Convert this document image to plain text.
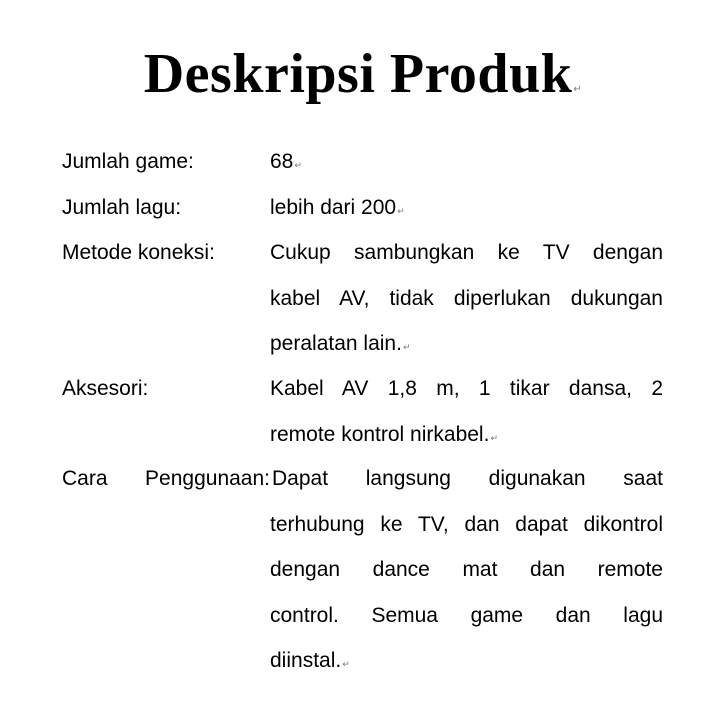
Deskripsi Produk↵
Jumlah game:	68↵
Jumlah lagu:	lebih dari 200↵
Metode koneksi:	Cukup sambungkan ke TV dengan
kabel AV, tidak diperlukan dukungan
peralatan lain.↵
Aksesori:	Kabel AV 1,8 m, 1 tikar dansa, 2
remote kontrol nirkabel.↵
Cara Penggunaan: Dapat langsung digunakan saat
terhubung ke TV, dan dapat dikontrol
dengan dance mat dan remote
control. Semua game dan lagu
diinstal.↵
